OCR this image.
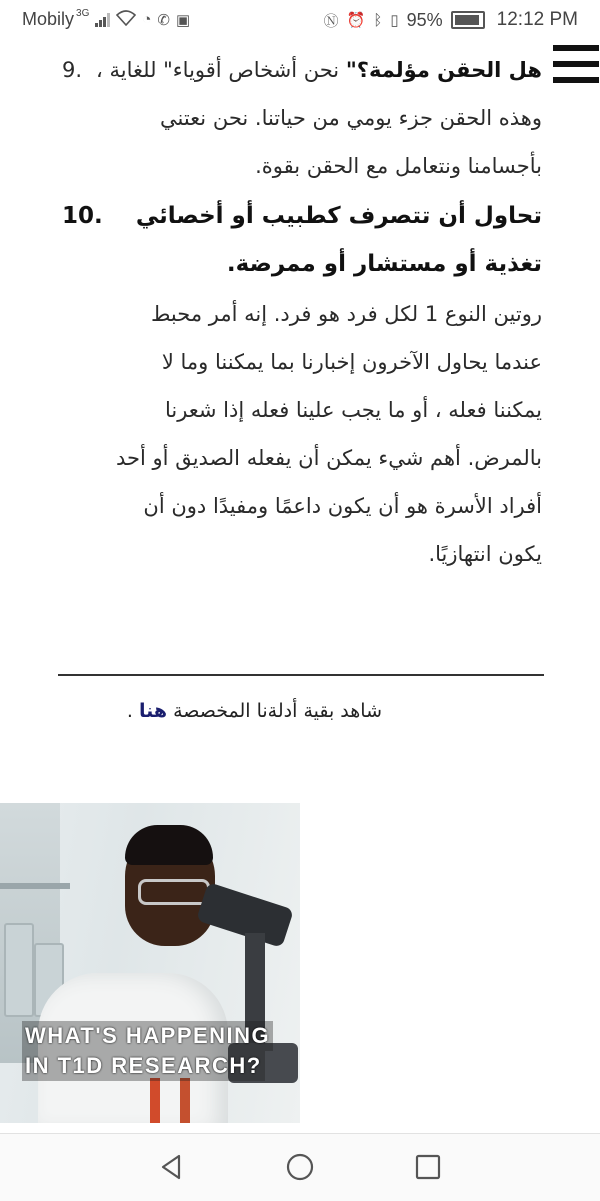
Mobily 3G	◔ ✆ ▣	Ⓝ ⏰ ᛒ ▯ 95%	12:12 PM
هل الحقن مؤلمة؟" نحن أشخاص أقوياء" للغاية ، وهذه الحقن جزء يومي من حياتنا. نحن نعتني بأجسامنا ونتعامل مع الحقن بقوة.
.9
تحاول أن تتصرف كطبيب أو أخصائي تغذية أو مستشار أو ممرضة.
روتين النوع 1 لكل فرد هو فرد. إنه أمر محبط عندما يحاول الآخرون إخبارنا بما يمكننا وما لا يمكننا فعله ، أو ما يجب علينا فعله إذا شعرنا بالمرض. أهم شيء يمكن أن يفعله الصديق أو أحد أفراد الأسرة هو أن يكون داعمًا ومفيدًا دون أن يكون انتهازيًا.
.10
شاهد بقية أدلةنا المخصصة هنا .
WHAT'S HAPPENING
IN T1D RESEARCH?
